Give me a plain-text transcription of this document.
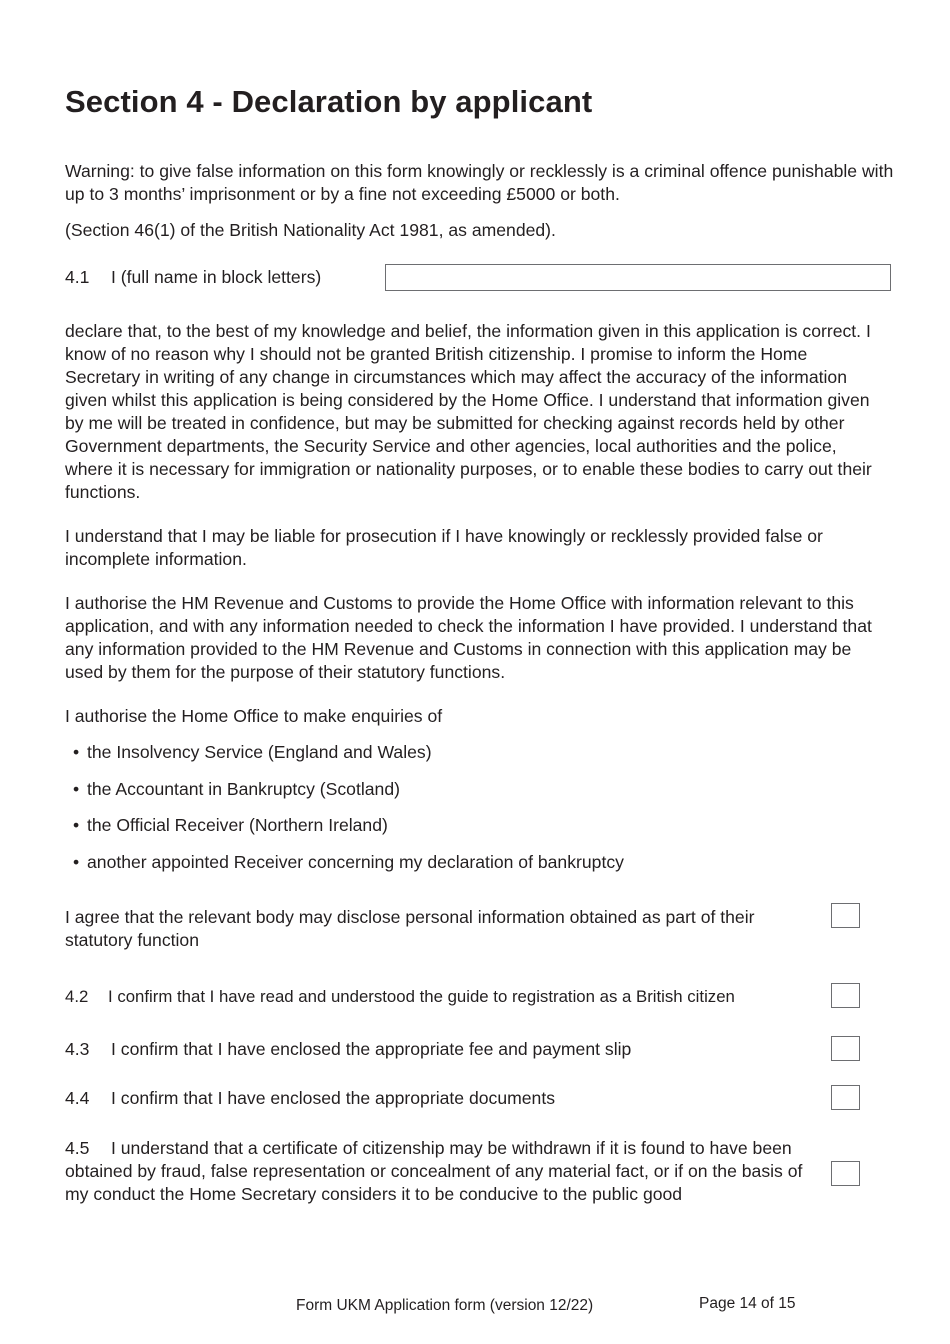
Section 4 - Declaration by applicant

Warning: to give false information on this form knowingly or recklessly is a criminal offence punishable with up to 3 months’ imprisonment or by a fine not exceeding £5000 or both.

(Section 46(1) of the British Nationality Act 1981, as amended).

4.1 I (full name in block letters)

declare that, to the best of my knowledge and belief, the information given in this application is correct. I know of no reason why I should not be granted British citizenship. I promise to inform the Home Secretary in writing of any change in circumstances which may affect the accuracy of the information given whilst this application is being considered by the Home Office. I understand that information given by me will be treated in confidence, but may be submitted for checking against records held by other Government departments, the Security Service and other agencies, local authorities and the police, where it is necessary for immigration or nationality purposes, or to enable these bodies to carry out their functions.

I understand that I may be liable for prosecution if I have knowingly or recklessly provided false or incomplete information.

I authorise the HM Revenue and Customs to provide the Home Office with information relevant to this application, and with any information needed to check the information I have provided. I understand that any information provided to the HM Revenue and Customs in connection with this application may be used by them for the purpose of their statutory functions.

I authorise the Home Office to make enquiries of

• the Insolvency Service (England and Wales)

• the Accountant in Bankruptcy (Scotland)

• the Official Receiver (Northern Ireland)

• another appointed Receiver concerning my declaration of bankruptcy

I agree that the relevant body may disclose personal information obtained as part of their statutory function

4.2 I confirm that I have read and understood the guide to registration as a British citizen

4.3 I confirm that I have enclosed the appropriate fee and payment slip

4.4 I confirm that I have enclosed the appropriate documents

4.5 I understand that a certificate of citizenship may be withdrawn if it is found to have been obtained by fraud, false representation or concealment of any material fact, or if on the basis of my conduct the Home Secretary considers it to be conducive to the public good

Form UKM Application form (version 12/22)	Page 14 of 15
